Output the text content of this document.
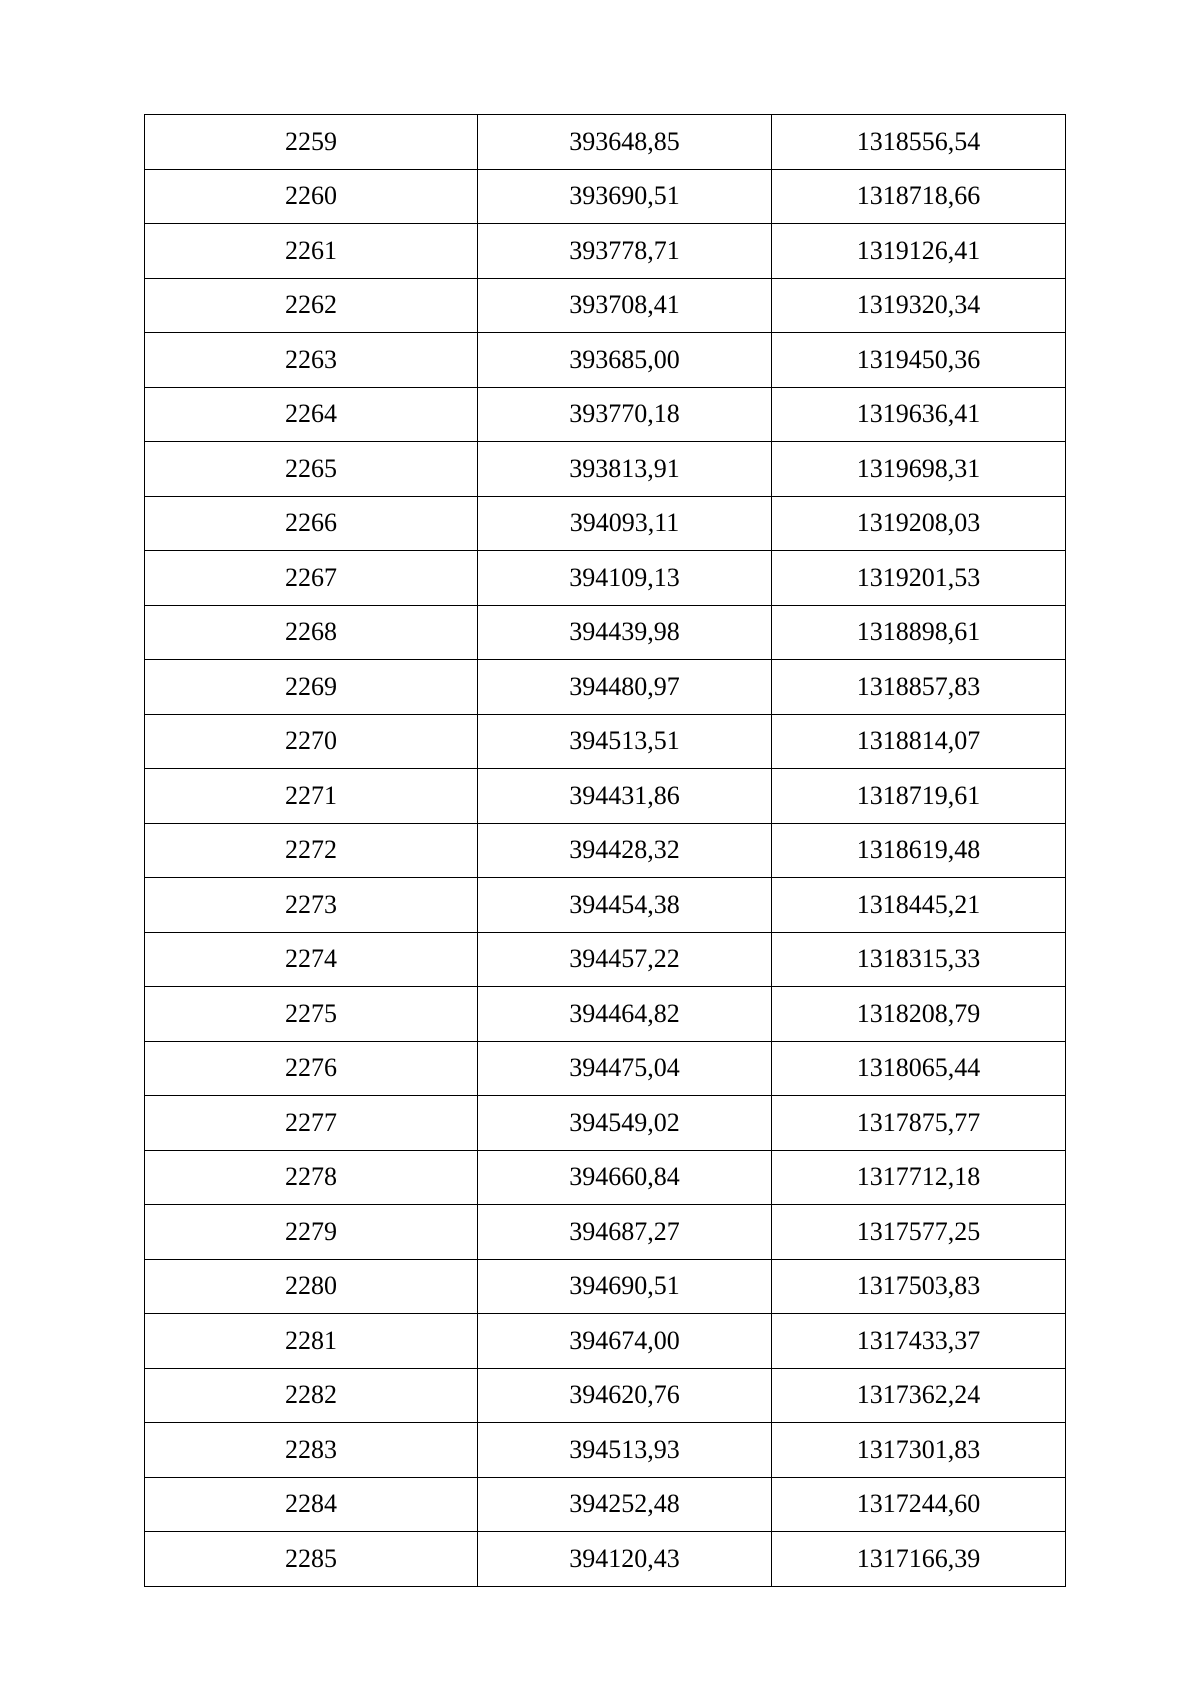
2259	393648,85	1318556,54
2260	393690,51	1318718,66
2261	393778,71	1319126,41
2262	393708,41	1319320,34
2263	393685,00	1319450,36
2264	393770,18	1319636,41
2265	393813,91	1319698,31
2266	394093,11	1319208,03
2267	394109,13	1319201,53
2268	394439,98	1318898,61
2269	394480,97	1318857,83
2270	394513,51	1318814,07
2271	394431,86	1318719,61
2272	394428,32	1318619,48
2273	394454,38	1318445,21
2274	394457,22	1318315,33
2275	394464,82	1318208,79
2276	394475,04	1318065,44
2277	394549,02	1317875,77
2278	394660,84	1317712,18
2279	394687,27	1317577,25
2280	394690,51	1317503,83
2281	394674,00	1317433,37
2282	394620,76	1317362,24
2283	394513,93	1317301,83
2284	394252,48	1317244,60
2285	394120,43	1317166,39
